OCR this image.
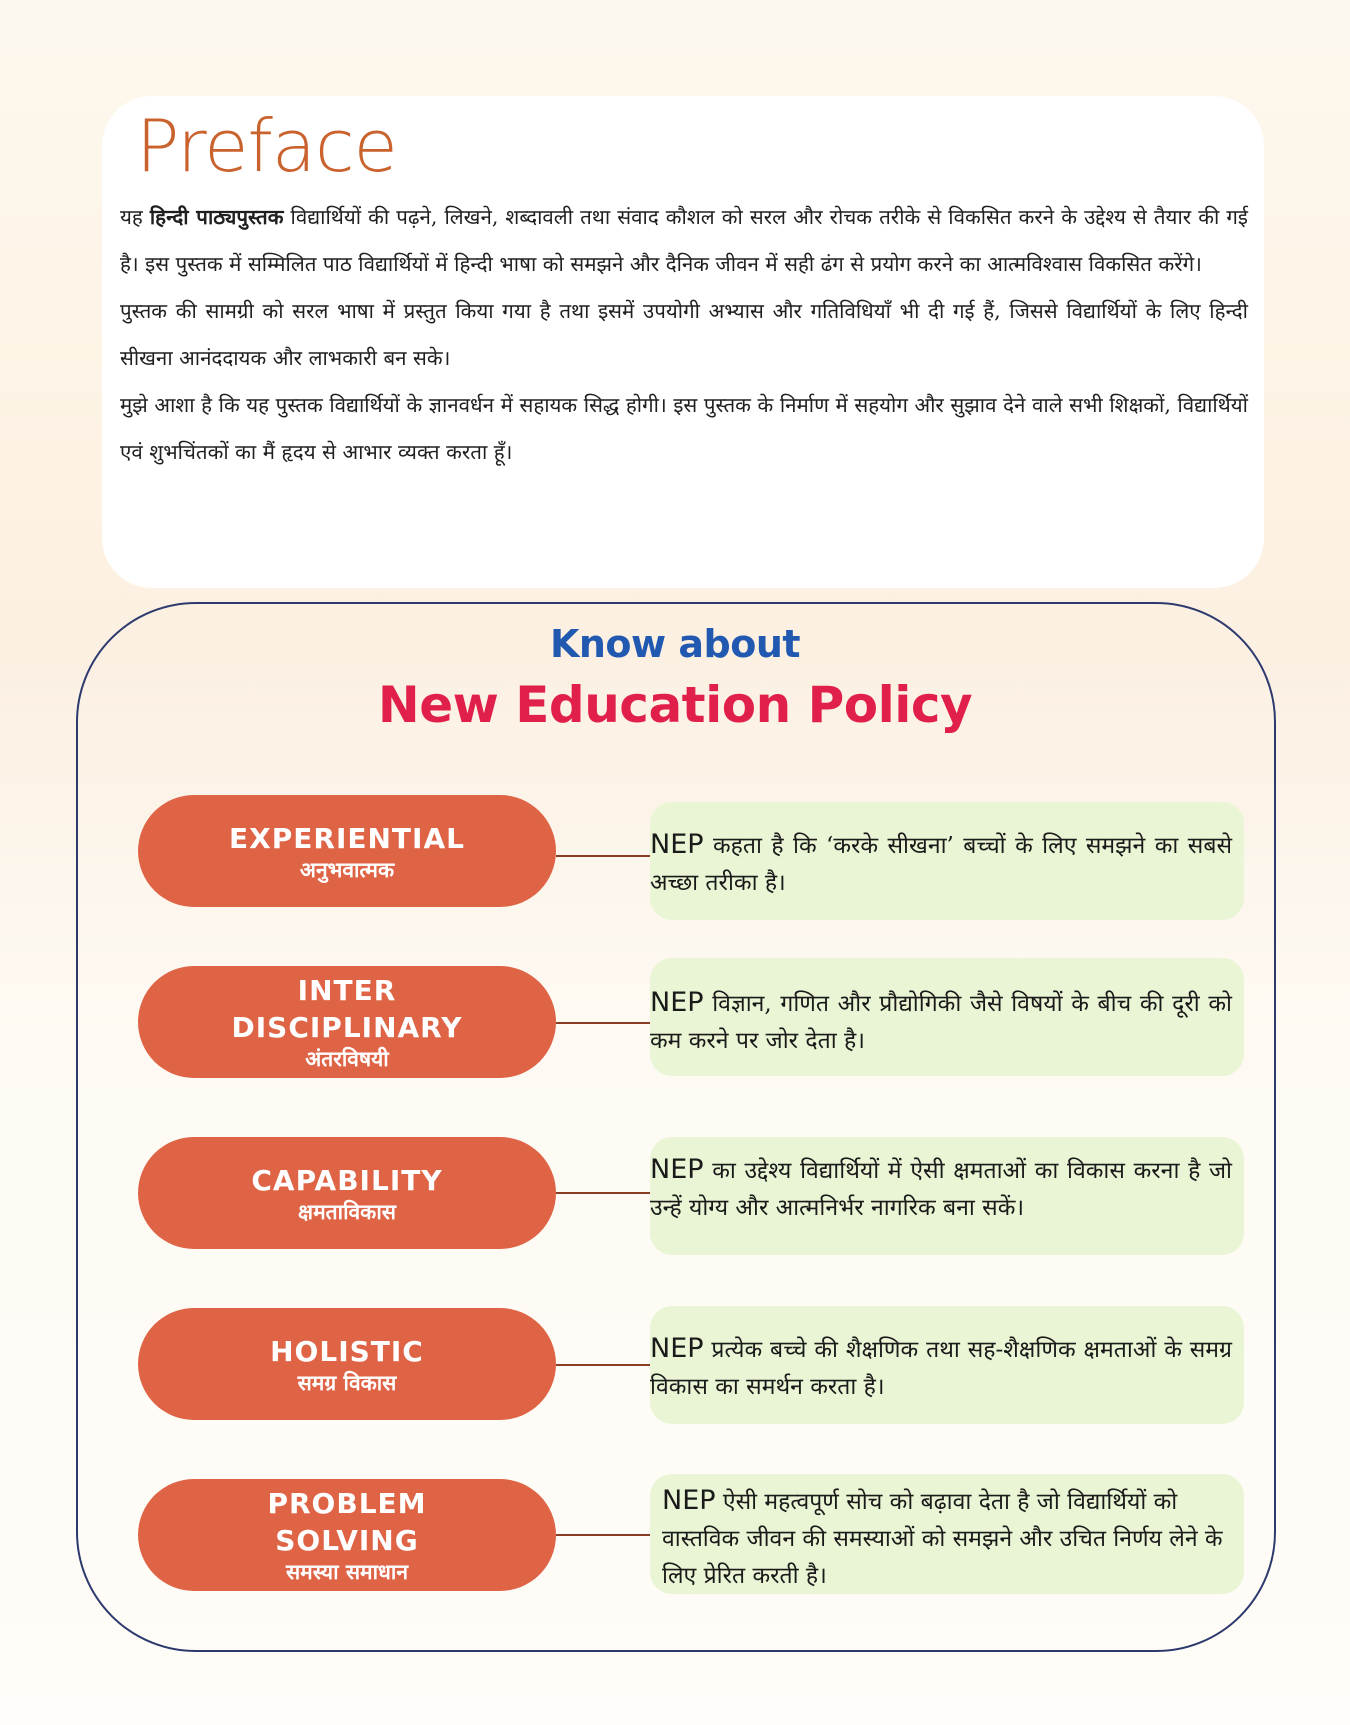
Preface

यह हिन्दी पाठ्यपुस्तक विद्यार्थियों की पढ़ने, लिखने, शब्दावली तथा संवाद कौशल को सरल और रोचक तरीके से विकसित करने के उद्देश्य से तैयार की गई है। इस पुस्तक में सम्मिलित पाठ विद्यार्थियों में हिन्दी भाषा को समझने और दैनिक जीवन में सही ढंग से प्रयोग करने का आत्मविश्वास विकसित करेंगे।

पुस्तक की सामग्री को सरल भाषा में प्रस्तुत किया गया है तथा इसमें उपयोगी अभ्यास और गतिविधियाँ भी दी गई हैं, जिससे विद्यार्थियों के लिए हिन्दी सीखना आनंददायक और लाभकारी बन सके।

मुझे आशा है कि यह पुस्तक विद्यार्थियों के ज्ञानवर्धन में सहायक सिद्ध होगी। इस पुस्तक के निर्माण में सहयोग और सुझाव देने वाले सभी शिक्षकों, विद्यार्थियों एवं शुभचिंतकों का मैं हृदय से आभार व्यक्त करता हूँ।

Know about
New Education Policy
EXPERIENTIAL
अनुभवात्मक
NEP कहता है कि ‘करके सीखना’ बच्चों के लिए समझने का सबसे अच्छा तरीका है।
INTER
DISCIPLINARY
अंतरविषयी
NEP विज्ञान, गणित और प्रौद्योगिकी जैसे विषयों के बीच की दूरी को कम करने पर जोर देता है।
CAPABILITY
क्षमताविकास
NEP का उद्देश्य विद्यार्थियों में ऐसी क्षमताओं का विकास करना है जो उन्हें योग्य और आत्मनिर्भर नागरिक बना सकें।
HOLISTIC
समग्र विकास
NEP प्रत्येक बच्चे की शैक्षणिक तथा सह-शैक्षणिक क्षमताओं के समग्र विकास का समर्थन करता है।
PROBLEM
SOLVING
समस्या समाधान
NEP ऐसी महत्वपूर्ण सोच को बढ़ावा देता है जो विद्यार्थियों को वास्तविक जीवन की समस्याओं को समझने और उचित निर्णय लेने के लिए प्रेरित करती है।
